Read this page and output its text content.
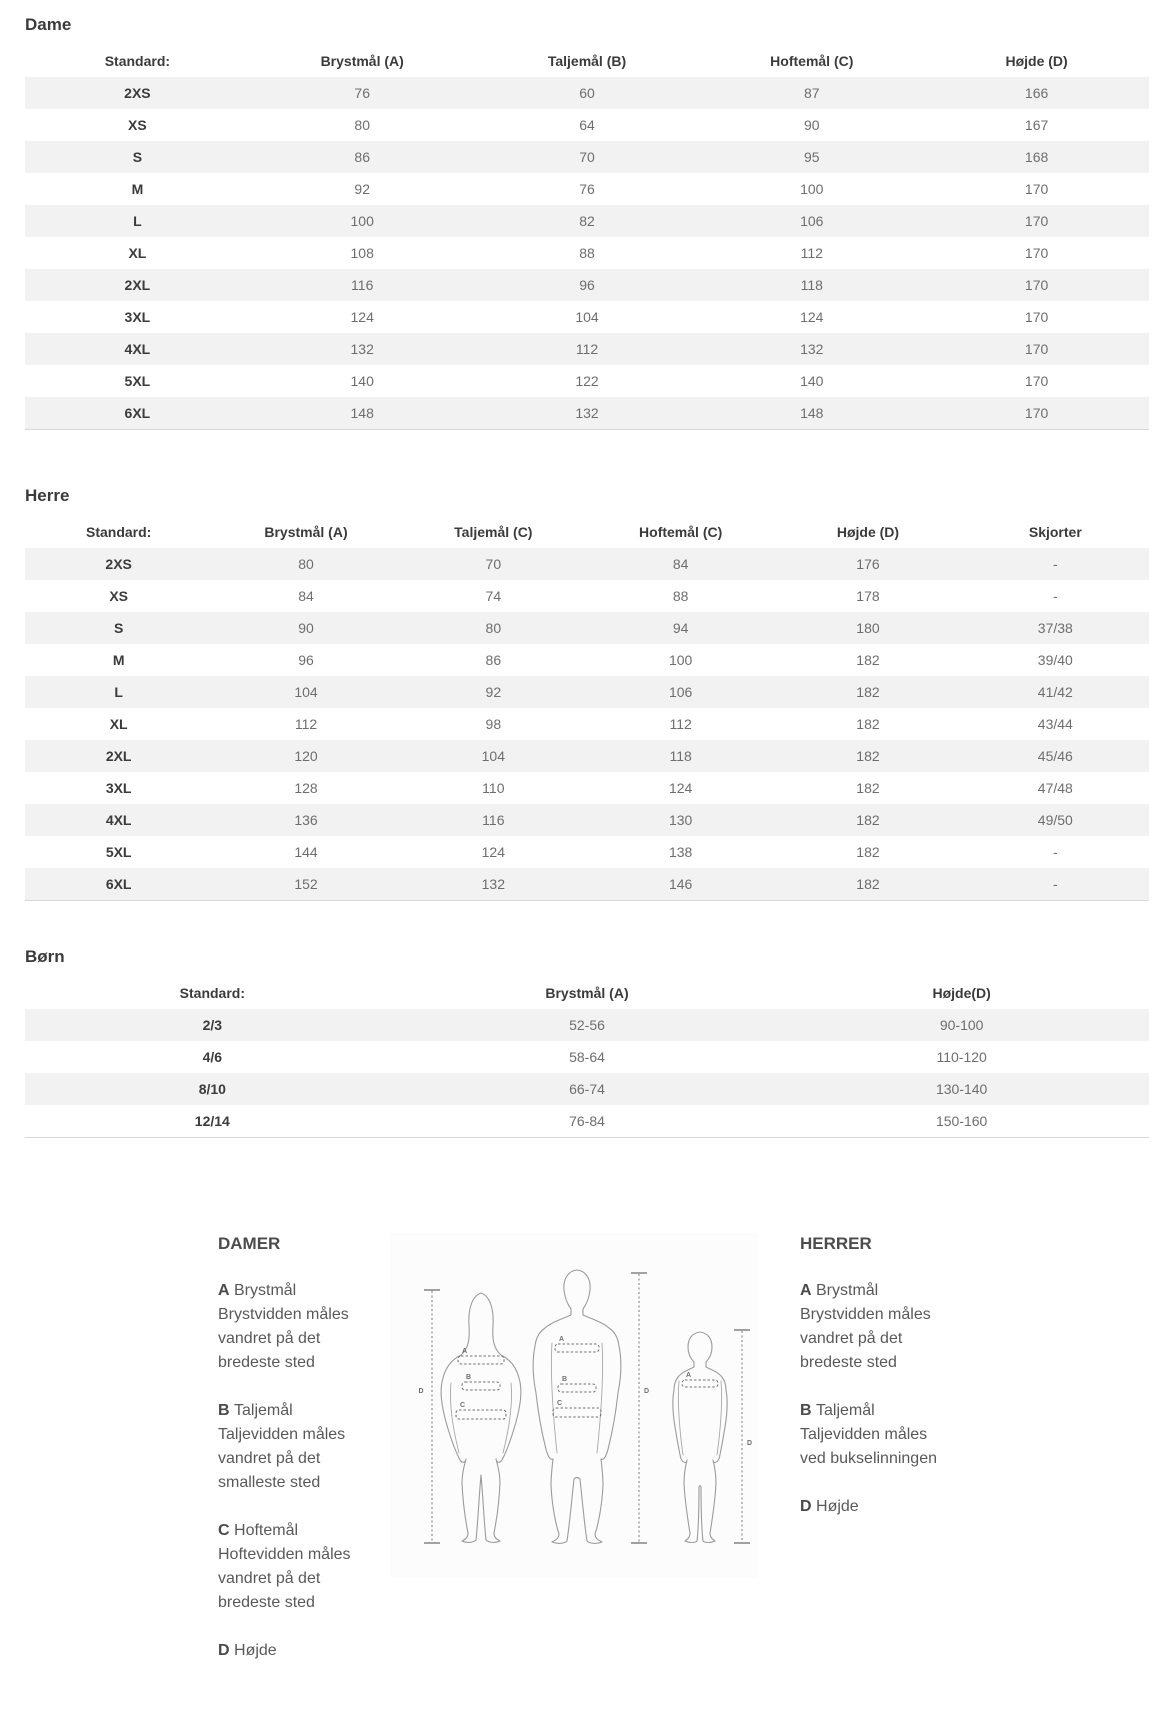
Dame
Standard:	Brystmål (A)	Taljemål (B)	Hoftemål (C)	Højde (D)
2XS	76	60	87	166
XS	80	64	90	167
S	86	70	95	168
M	92	76	100	170
L	100	82	106	170
XL	108	88	112	170
2XL	116	96	118	170
3XL	124	104	124	170
4XL	132	112	132	170
5XL	140	122	140	170
6XL	148	132	148	170
Herre
Standard:	Brystmål (A)	Taljemål (C)	Hoftemål (C)	Højde (D)	Skjorter
2XS	80	70	84	176	-
XS	84	74	88	178	-
S	90	80	94	180	37/38
M	96	86	100	182	39/40
L	104	92	106	182	41/42
XL	112	98	112	182	43/44
2XL	120	104	118	182	45/46
3XL	128	110	124	182	47/48
4XL	136	116	130	182	49/50
5XL	144	124	138	182	-
6XL	152	132	146	182	-
Børn
Standard:	Brystmål (A)	Højde(D)
2/3	52-56	90-100
4/6	58-64	110-120
8/10	66-74	130-140
12/14	76-84	150-160

DAMER

A Brystmål
Brystvidden måles
vandret på det
bredeste sted

B Taljemål
Taljevidden måles
vandret på det
smalleste sted

C Hoftemål
Hoftevidden måles
vandret på det
bredeste sted

D Højde

D
A
B
C
A
B
C
D
A
D

HERRER

A Brystmål
Brystvidden måles
vandret på det
bredeste sted

B Taljemål
Taljevidden måles
ved bukselinningen

D Højde
